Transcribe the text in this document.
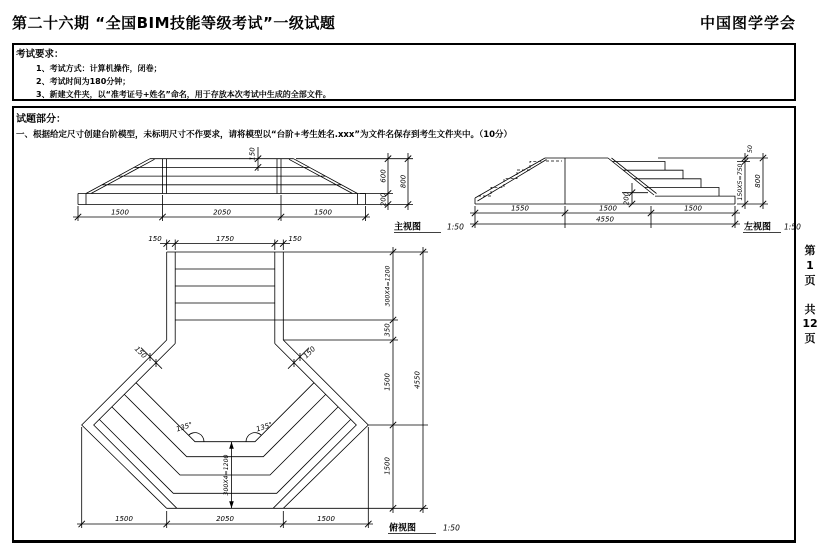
第二十六期 “全国BIM技能等级考试”一级试题	中国图学学会
考试要求：
1、考试方式：计算机操作，闭卷；
2、考试时间为180分钟；
3、新建文件夹，以“准考证号+姓名”命名，用于存放本次考试中生成的全部文件。
试题部分：
一、根据给定尺寸创建台阶模型，未标明尺寸不作要求，请将模型以“台阶+考生姓名.xxx”为文件名保存到考生文件夹中。（10分）
第
1
页
共
12
页
1500	2050	1500
600 800
200
150
主视图	1:50
200
1550	1500	1500
4550
150X5=750
50
800
左视图 1:50
135°	135°
300X4=1200
150	150
150	1750	150
300X4=1200
350
1500
1500
4550
1500	2050	1500
俯视图	1:50
